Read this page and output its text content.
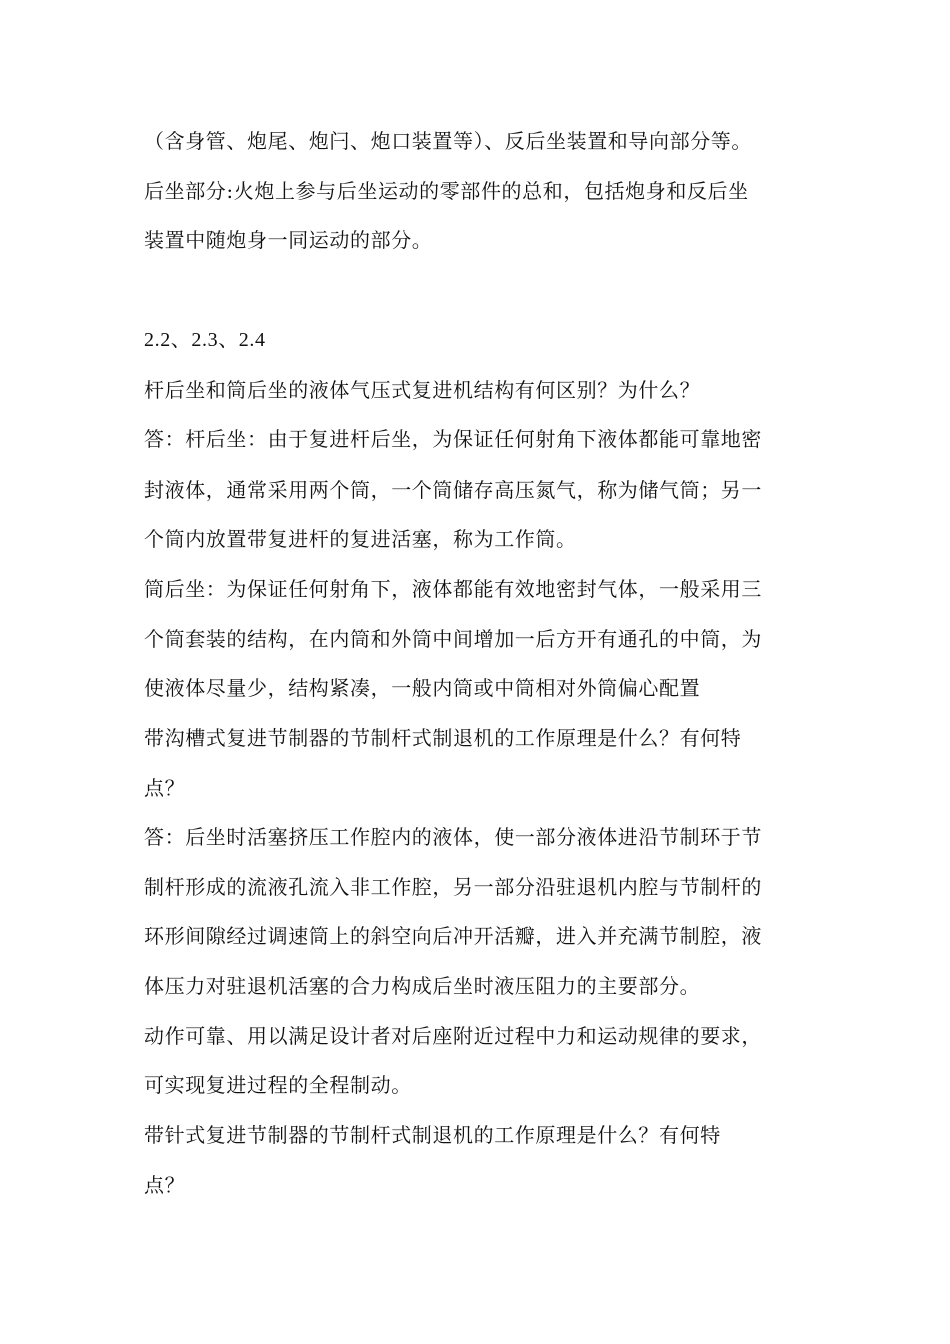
（含身管、炮尾、炮闩、炮口装置等）、反后坐装置和导向部分等。
后坐部分:火炮上参与后坐运动的零部件的总和，包括炮身和反后坐
装置中随炮身一同运动的部分。
2.2、2.3、2.4
杆后坐和筒后坐的液体气压式复进机结构有何区别？为什么？
答：杆后坐：由于复进杆后坐，为保证任何射角下液体都能可靠地密
封液体，通常采用两个筒，一个筒储存高压氮气，称为储气筒；另一
个筒内放置带复进杆的复进活塞，称为工作筒。
筒后坐：为保证任何射角下，液体都能有效地密封气体，一般采用三
个筒套装的结构，在内筒和外筒中间增加一后方开有通孔的中筒，为
使液体尽量少，结构紧凑，一般内筒或中筒相对外筒偏心配置
带沟槽式复进节制器的节制杆式制退机的工作原理是什么？有何特
点？
答：后坐时活塞挤压工作腔内的液体，使一部分液体进沿节制环于节
制杆形成的流液孔流入非工作腔，另一部分沿驻退机内腔与节制杆的
环形间隙经过调速筒上的斜空向后冲开活瓣，进入并充满节制腔，液
体压力对驻退机活塞的合力构成后坐时液压阻力的主要部分。
动作可靠、用以满足设计者对后座附近过程中力和运动规律的要求，
可实现复进过程的全程制动。
带针式复进节制器的节制杆式制退机的工作原理是什么？有何特
点？
